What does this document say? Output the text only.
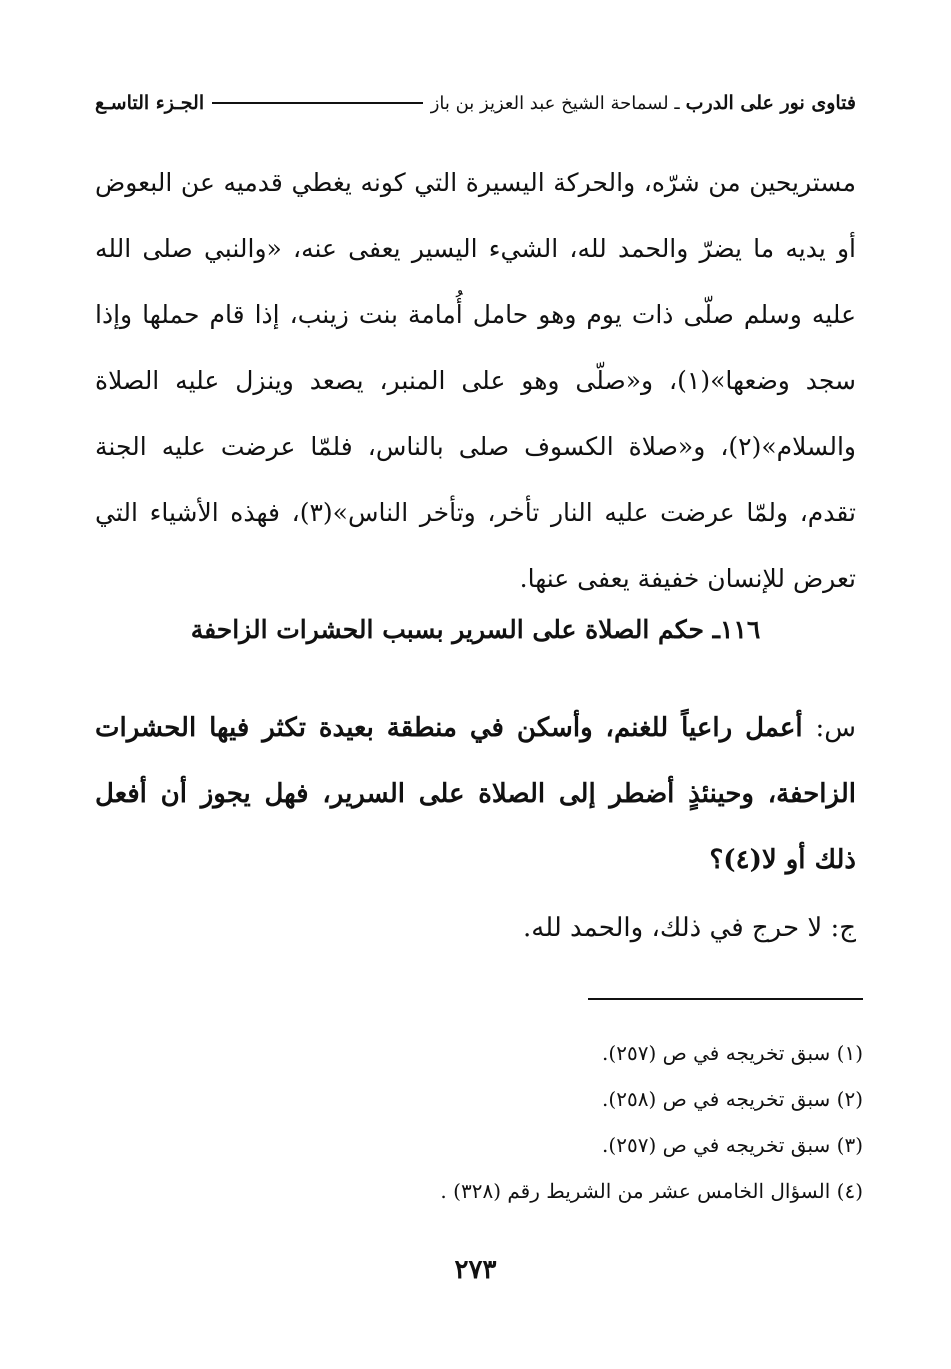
فتاوى نور على الدرب
ـ لسماحة الشيخ عبد العزيز بن باز
الجـزء التاسـع
مستريحين من شرّه، والحركة اليسيرة التي كونه يغطي قدميه عن البعوض أو يديه ما يضرّ والحمد لله، الشيء اليسير يعفى عنه، «والنبي صلى الله عليه وسلم صلّى ذات يوم وهو حامل أُمامة بنت زينب، إذا قام حملها وإذا سجد وضعها»(١)، و«صلّى وهو على المنبر، يصعد وينزل عليه الصلاة والسلام»(٢)، و«صلاة الكسوف صلى بالناس، فلمّا عرضت عليه الجنة تقدم، ولمّا عرضت عليه النار تأخر، وتأخر الناس»(٣)، فهذه الأشياء التي تعرض للإنسان خفيفة يعفى عنها.
١١٦ـ حكم الصلاة على السرير بسبب الحشرات الزاحفة
س: أعمل راعياً للغنم، وأسكن في منطقة بعيدة تكثر فيها الحشرات الزاحفة، وحينئذٍ أضطر إلى الصلاة على السرير، فهل يجوز أن أفعل ذلك أو لا(٤)؟
ج: لا حرج في ذلك، والحمد لله.
(١) سبق تخريجه في ص (٢٥٧).
(٢) سبق تخريجه في ص (٢٥٨).
(٣) سبق تخريجه في ص (٢٥٧).
(٤) السؤال الخامس عشر من الشريط رقم (٣٢٨) .
٢٧٣
